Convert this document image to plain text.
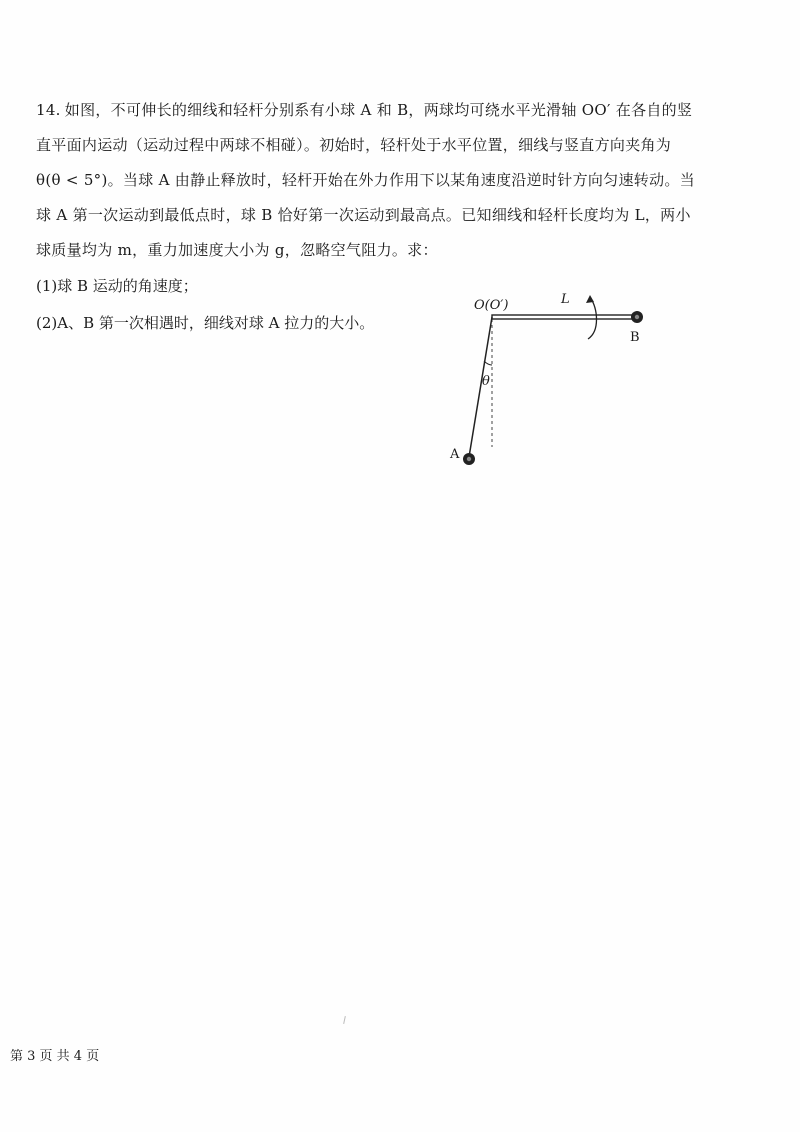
14. 如图，不可伸长的细线和轻杆分别系有小球 A 和 B，两球均可绕水平光滑轴 OO′ 在各自的竖
直平面内运动（运动过程中两球不相碰）。初始时，轻杆处于水平位置，细线与竖直方向夹角为
θ(θ < 5°)。当球 A 由静止释放时，轻杆开始在外力作用下以某角速度沿逆时针方向匀速转动。当
球 A 第一次运动到最低点时，球 B 恰好第一次运动到最高点。已知细线和轻杆长度均为 L，两小
球质量均为 m，重力加速度大小为 g，忽略空气阻力。求：
(1)球 B 运动的角速度；
(2)A、B 第一次相遇时，细线对球 A 拉力的大小。
O(O′)	L
θ
A
B
第 3 页 共 4 页
